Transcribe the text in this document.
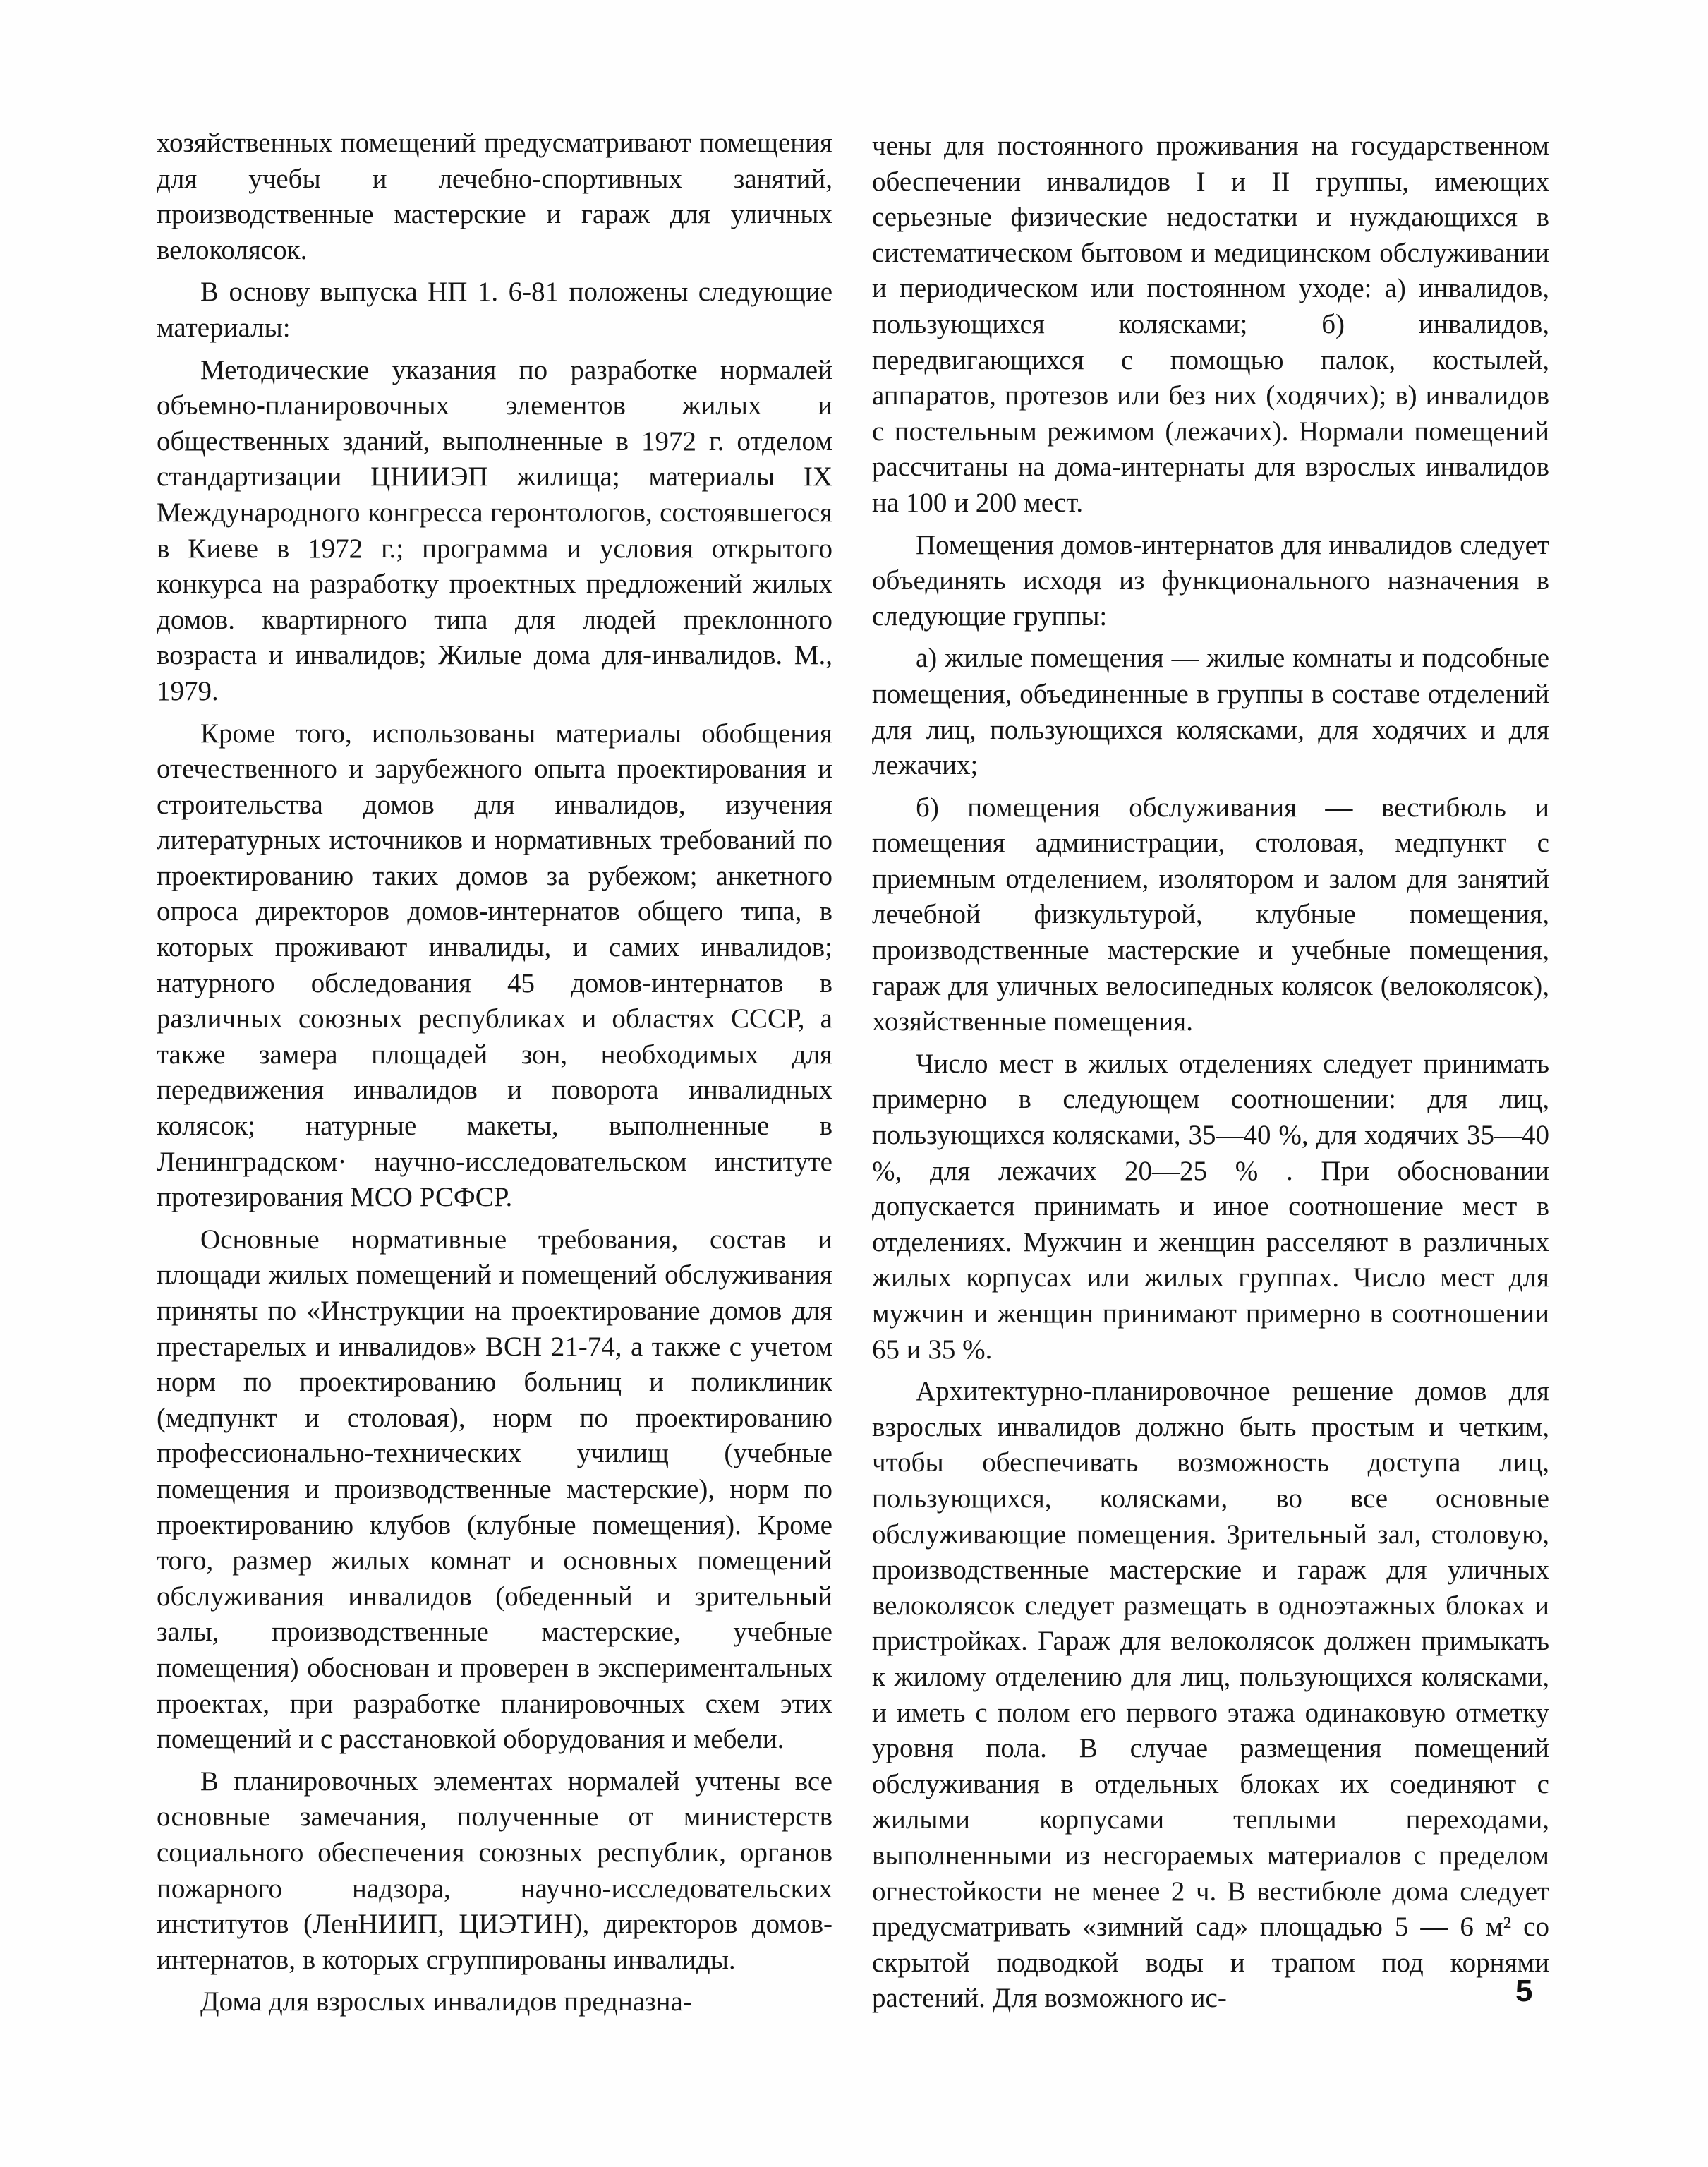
хозяйственных помещений предусматривают помещения для учебы и лечебно-спортивных занятий, производственные мастерские и гараж для уличных велоколясок.

В основу выпуска НП 1. 6-81 положены следующие материалы:

Методические указания по разработке нормалей объемно-планировочных элементов жилых и общественных зданий, выполненные в 1972 г. отделом стандартизации ЦНИИЭП жилища; материалы IX Международного конгресса геронтологов, состоявшегося в Киеве в 1972 г.; программа и условия открытого конкурса на разработку проектных предложений жилых домов. квартирного типа для людей преклонного возраста и инвалидов; Жилые дома для-инвалидов. М., 1979.

Кроме того, использованы материалы обобщения отечественного и зарубежного опыта проектирования и строительства домов для инвалидов, изучения литературных источников и нормативных требований по проектированию таких домов за рубежом; анкетного опроса директоров домов-интернатов общего типа, в которых проживают инвалиды, и самих инвалидов; натурного обследования 45 домов-интернатов в различных союзных республиках и областях СССР, а также замера площадей зон, необходимых для передвижения инвалидов и поворота инвалидных колясок; натурные макеты, выполненные в Ленинградском· научно-исследовательском институте протезирования МСО РСФСР.

Основные нормативные требования, состав и площади жилых помещений и помещений обслуживания приняты по «Инструкции на проектирование домов для престарелых и инвалидов» ВСН 21-74, а также с учетом норм по проектированию больниц и поликлиник (медпункт и столовая), норм по проектированию профессионально-технических училищ (учебные помещения и производственные мастерские), норм по проектированию клубов (клубные помещения). Кроме того, размер жилых комнат и основных помещений обслуживания инвалидов (обеденный и зрительный залы, производственные мастерские, учебные помещения) обоснован и проверен в экспериментальных проектах, при разработке планировочных схем этих помещений и с расстановкой оборудования и мебели.

В планировочных элементах нормалей учтены все основные замечания, полученные от министерств социального обеспечения союзных республик, органов пожарного надзора, научно-исследовательских институтов (ЛенНИИП, ЦИЭТИН), директоров домов-интернатов, в которых сгруппированы инвалиды.

Дома для взрослых инвалидов предназна-

чены для постоянного проживания на государственном обеспечении инвалидов I и II группы, имеющих серьезные физические недостатки и нуждающихся в систематическом бытовом и медицинском обслуживании и периодическом или постоянном уходе: а) инвалидов, пользующихся колясками; б) инвалидов, передвигающихся с помощью палок, костылей, аппаратов, протезов или без них (ходячих); в) инвалидов с постельным режимом (лежачих). Нормали помещений рассчитаны на дома-интернаты для взрослых инвалидов на 100 и 200 мест.

Помещения домов-интернатов для инвалидов следует объединять исходя из функционального назначения в следующие группы:

а) жилые помещения — жилые комнаты и подсобные помещения, объединенные в группы в составе отделений для лиц, пользующихся колясками, для ходячих и для лежачих;

б) помещения обслуживания — вестибюль и помещения администрации, столовая, медпункт с приемным отделением, изолятором и залом для занятий лечебной физкультурой, клубные помещения, производственные мастерские и учебные помещения, гараж для уличных велосипедных колясок (велоколясок), хозяйственные помещения.

Число мест в жилых отделениях следует принимать примерно в следующем соотношении: для лиц, пользующихся колясками, 35—40 %, для ходячих 35—40 %, для лежачих 20—25 % . При обосновании допускается принимать и иное соотношение мест в отделениях. Мужчин и женщин расселяют в различных жилых корпусах или жилых группах. Число мест для мужчин и женщин принимают примерно в соотношении 65 и 35 %.

Архитектурно-планировочное решение домов для взрослых инвалидов должно быть простым и четким, чтобы обеспечивать возможность доступа лиц, пользующихся, колясками, во все основные обслуживающие помещения. Зрительный зал, столовую, производственные мастерские и гараж для уличных велоколясок следует размещать в одноэтажных блоках и пристройках. Гараж для велоколясок должен примыкать к жилому отделению для лиц, пользующихся колясками, и иметь с полом его первого этажа одинаковую отметку уровня пола. В случае размещения помещений обслуживания в отдельных блоках их соединяют с жилыми корпусами теплыми переходами, выполненными из несгораемых материалов с пределом огнестойкости не менее 2 ч. В вестибюле дома следует предусматривать «зимний сад» площадью 5 — 6 м² со скрытой подводкой воды и трапом под корнями растений. Для возможного ис-	5
